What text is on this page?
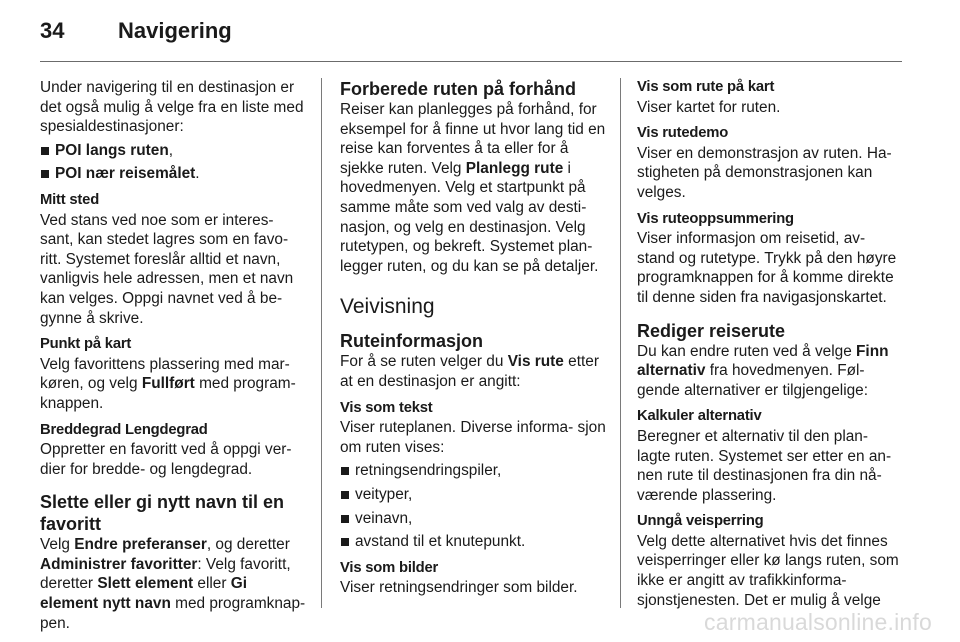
34 Navigering

Under navigering til en destinasjon er det også mulig å velge fra en liste med spesialdestinasjoner:

POI langs ruten,
POI nær reisemålet.

Mitt sted

Ved stans ved noe som er interes- sant, kan stedet lagres som en favo- ritt. Systemet foreslår alltid et navn, vanligvis hele adressen, men et navn kan velges. Oppgi navnet ved å be- gynne å skrive.

Punkt på kart

Velg favorittens plassering med mar- køren, og velg Fullført med program- knappen.

Breddegrad Lengdegrad

Oppretter en favoritt ved å oppgi ver- dier for bredde- og lengdegrad.

Slette eller gi nytt navn til en favoritt

Velg Endre preferanser, og deretter Administrer favoritter: Velg favoritt, deretter Slett element eller Gi element nytt navn med programknap- pen.

Forberede ruten på forhånd

Reiser kan planlegges på forhånd, for eksempel for å finne ut hvor lang tid en reise kan forventes å ta eller for å sjekke ruten. Velg Planlegg rute i hovedmenyen. Velg et startpunkt på samme måte som ved valg av desti- nasjon, og velg en destinasjon. Velg rutetypen, og bekreft. Systemet plan- legger ruten, og du kan se på detaljer.

Veivisning
Ruteinformasjon

For å se ruten velger du Vis rute etter at en destinasjon er angitt:

Vis som tekst

Viser ruteplanen. Diverse informa- sjon om ruten vises:

retningsendringspiler,
veityper,
veinavn,
avstand til et knutepunkt.

Vis som bilder

Viser retningsendringer som bilder.

Vis som rute på kart

Viser kartet for ruten.

Vis rutedemo

Viser en demonstrasjon av ruten. Ha- stigheten på demonstrasjonen kan velges.

Vis ruteoppsummering

Viser informasjon om reisetid, av- stand og rutetype. Trykk på den høyre programknappen for å komme direkte til denne siden fra navigasjonskartet.

Rediger reiserute

Du kan endre ruten ved å velge Finn alternativ fra hovedmenyen. Føl- gende alternativer er tilgjengelige:

Kalkuler alternativ

Beregner et alternativ til den plan- lagte ruten. Systemet ser etter en an- nen rute til destinasjonen fra din nå- værende plassering.

Unngå veisperring

Velg dette alternativet hvis det finnes veisperringer eller kø langs ruten, som ikke er angitt av trafikkinforma- sjonstjenesten. Det er mulig å velge

carmanualsonline.info
